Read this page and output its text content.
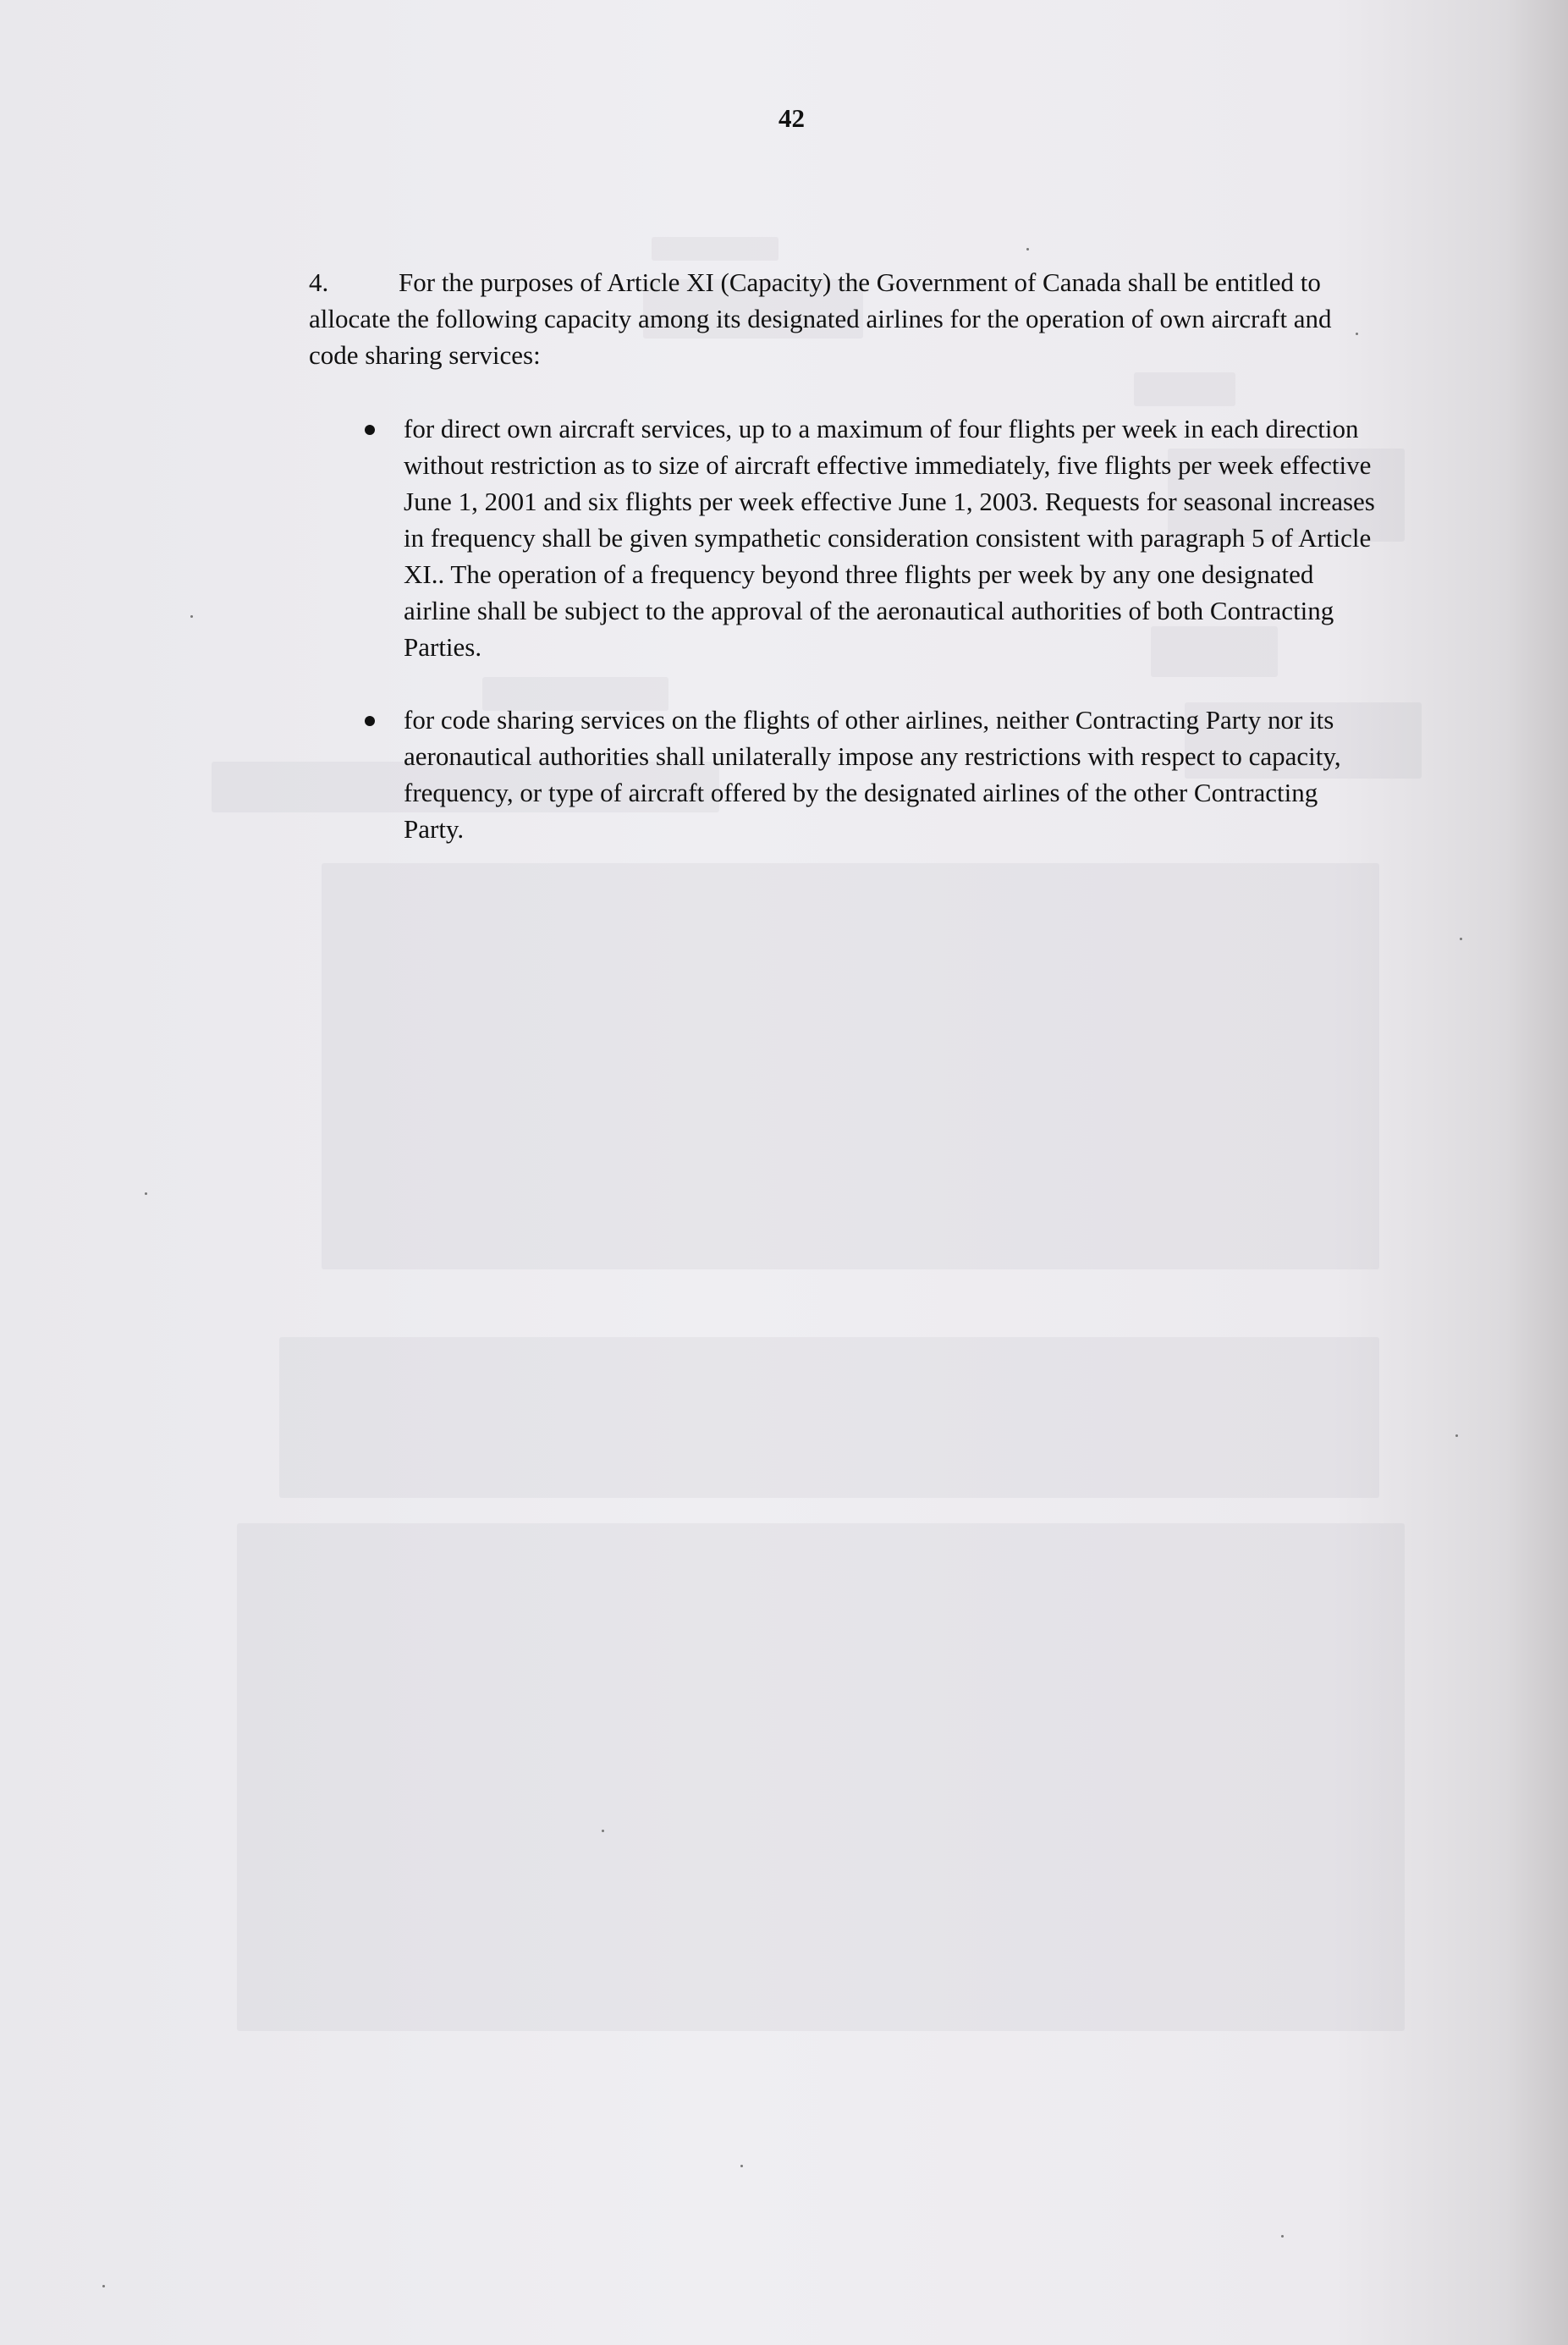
42

4.	For the purposes of Article XI (Capacity) the Government of Canada shall be entitled to allocate the following capacity among its designated airlines for the operation of own aircraft and code sharing services:

for direct own aircraft services, up to a maximum of four flights per week in each direction without restriction as to size of aircraft effective immediately, five flights per week effective June 1, 2001 and six flights per week effective June 1, 2003. Requests for seasonal increases in frequency shall be given sympathetic consideration consistent with paragraph 5 of Article XI.. The operation of a frequency beyond three flights per week by any one designated airline shall be subject to the approval of the aeronautical authorities of both Contracting Parties.
for code sharing services on the flights of other airlines, neither Contracting Party nor its aeronautical authorities shall unilaterally impose any restrictions with respect to capacity, frequency, or type of aircraft offered by the designated airlines of the other Contracting Party.
